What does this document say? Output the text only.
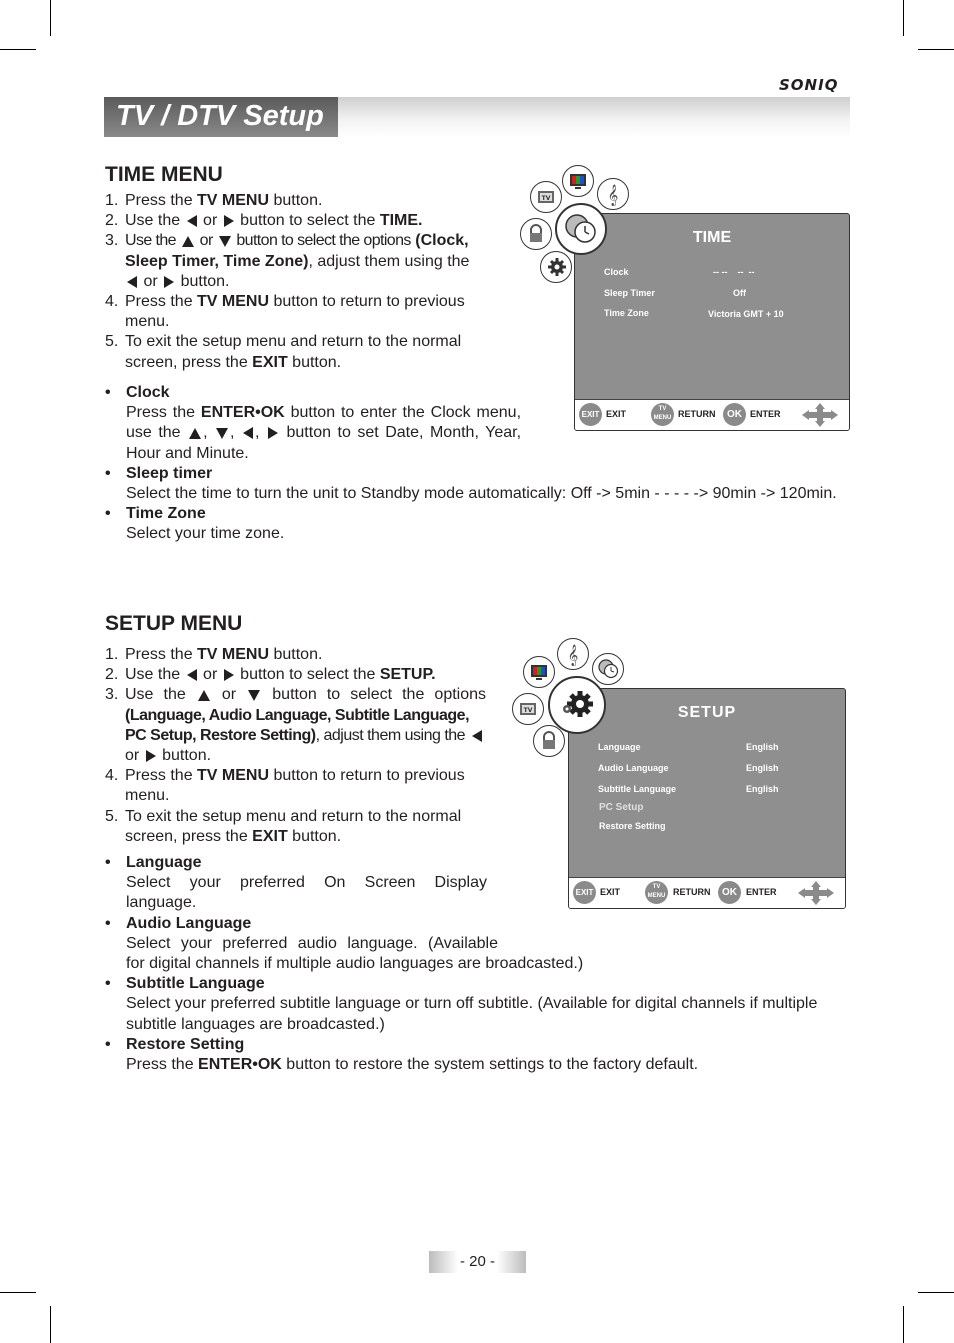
SONIQ
TV / DTV Setup
TIME MENU
1. Press the TV MENU button.
2. Use the  or  button to select the TIME.
3. Use the  or  button to select the options (Clock, Sleep Timer, Time Zone), adjust them using the  or  button.
4. Press the TV MENU button to return to previous menu.
5. To exit the setup menu and return to the normal screen, press the EXIT button.
• Clock
Press the ENTER•OK button to enter the Clock menu, use the , , ,  button to set Date, Month, Year, Hour and Minute.
• Sleep timer
Select the time to turn the unit to Standby mode automatically: Off -> 5min - - - - -> 90min -> 120min.
• Time Zone
Select your time zone.
TIME
Clock	-- --    --  --
Sleep Timer	Off
Time Zone	Victoria GMT + 10
EXIT EXIT	TV MENU RETURN	OK ENTER
TV	𝄞
SETUP MENU
1. Press the TV MENU button.
2. Use the  or  button to select the SETUP.
3. Use the  or  button to select the options
(Language, Audio Language, Subtitle Language, PC Setup, Restore Setting), adjust them using the  or  button.
4. Press the TV MENU button to return to previous menu.
5. To exit the setup menu and return to the normal screen, press the EXIT button.
• Language
Select your preferred On Screen Display
language.
• Audio Language
Select your preferred audio language. (Available
for digital channels if multiple audio languages are broadcasted.)
• Subtitle Language
Select your preferred subtitle language or turn off subtitle. (Available for digital channels if multiple subtitle languages are broadcasted.)
• Restore Setting
Press the ENTER•OK button to restore the system settings to the factory default.
SETUP
Language	English
Audio Language	English
Subtitle Language	English
PC Setup
Restore Setting
EXIT EXIT	TV MENU RETURN	OK	ENTER
𝄞
TV
- 20 -
